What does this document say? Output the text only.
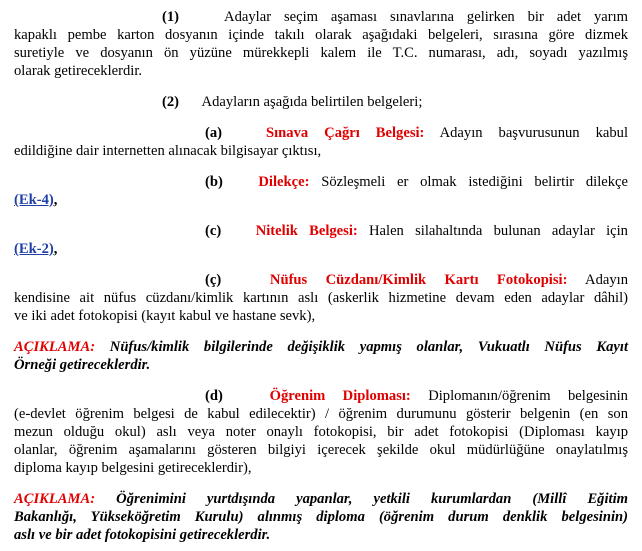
(1)	Adaylar seçim aşaması sınavlarına gelirken bir adet yarım
kapaklı pembe karton dosyanın içinde takılı olarak aşağıdaki belgeleri, sırasına göre dizmek
suretiyle ve dosyanın ön yüzüne mürekkepli kalem ile T.C. numarası, adı, soyadı yazılmış
olarak getireceklerdir.
(2) Adayların aşağıda belirtilen belgeleri;
(a)	Sınava Çağrı Belgesi: Adayın başvurusunun kabul
edildiğine dair internetten alınacak bilgisayar çıktısı,
(b) Dilekçe: Sözleşmeli er olmak istediğini belirtir dilekçe
(Ek-4),
(c) Nitelik Belgesi: Halen silahaltında bulunan adaylar için
(Ek-2),
(ç)	Nüfus Cüzdanı/Kimlik Kartı Fotokopisi: Adayın
kendisine ait nüfus cüzdanı/kimlik kartının aslı (askerlik hizmetine devam eden adaylar dâhil)
ve iki adet fotokopisi (kayıt kabul ve hastane sevk),
AÇIKLAMA: Nüfus/kimlik bilgilerinde değişiklik yapmış olanlar, Vukuatlı Nüfus Kayıt
Örneği getireceklerdir.
(d)	Öğrenim Diploması: Diplomanın/öğrenim belgesinin
(e-devlet öğrenim belgesi de kabul edilecektir) / öğrenim durumunu gösterir belgenin (en son
mezun olduğu okul) aslı veya noter onaylı fotokopisi, bir adet fotokopisi (Diploması kayıp
olanlar, öğrenim aşamalarını gösteren bilgiyi içerecek şekilde okul müdürlüğüne onaylatılmış
diploma kayıp belgesini getireceklerdir),
AÇIKLAMA: Öğrenimini yurtdışında yapanlar, yetkili kurumlardan (Millî Eğitim
Bakanlığı, Yükseköğretim Kurulu) alınmış diploma (öğrenim durum denklik belgesinin)
aslı ve bir adet fotokopisini getireceklerdir.
